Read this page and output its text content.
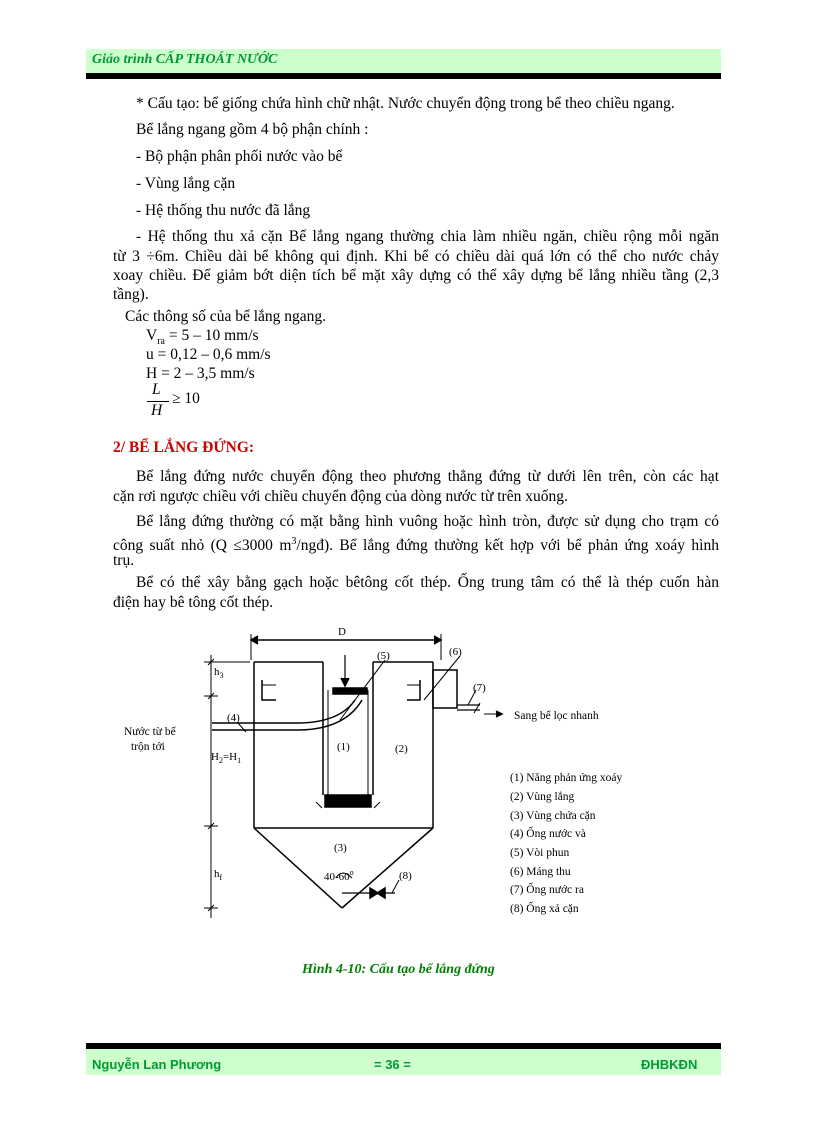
Giáo trình CẤP THOÁT NƯỚC
* Cấu tạo: bể giống chứa hình chữ nhật. Nước chuyển động trong bể theo chiều ngang.
Bể lắng ngang gồm 4 bộ phận chính :
- Bộ phận phân phối nước vào bể
- Vùng lắng cặn
- Hệ thống thu nước đã lắng
- Hệ thống thu xả cặn Bể lắng ngang thường chia làm nhiều ngăn, chiều rộng mỗi ngăn
từ 3 ÷6m. Chiều dài bể không qui định. Khi bể có chiều dài quá lớn có thể cho nước chảy
xoay chiều. Để giảm bớt diện tích bể mặt xây dựng có thể xây dựng bể lắng nhiều tầng (2,3
tầng).
Các thông số của bể lắng ngang.
$V_{ra} = 5 - 10$ mm/s
u = 0,12 – 0,6 mm/s
H = 2 – 3,5 mm/s
L
H
≥ 10
2/ BỂ LẮNG ĐỨNG:
Bể lắng đứng nước chuyển động theo phương thẳng đứng từ dưới lên trên, còn các hạt
cặn rơi ngược chiều với chiều chuyển động của dòng nước từ trên xuống.
Bể lắng đứng thường có mặt bằng hình vuông hoặc hình tròn, được sử dụng cho trạm có
công suất nhỏ (Q ≤3000 $m^3/ngđ$). Bể lắng đứng thường kết hợp với bể phản ứng xoáy hình
trụ.
Bể có thể xây bằng gạch hoặc bêtông cốt thép. Ống trung tâm có thể là thép cuốn hàn
điện hay bê tông cốt thép.
D
$h_3$
$H_2=H_1$
$h_f$
Nước từ bể
trộn tới
Sang bể lọc nhanh
40-60$^o$
(1)	(2)
(3)
(4)
(5)	(6)
(7)
(8)
(1) Năng phản ứng xoáy
(2) Vùng lắng
(3) Vùng chứa cặn
(4) Ống nước và
(5) Vòi phun
(6) Máng thu
(7) Ống nước ra
(8) Ống xả cặn
Hình 4-10: Cấu tạo bể lắng đứng
Nguyễn Lan Phương	= 36 =	ĐHBKĐN
